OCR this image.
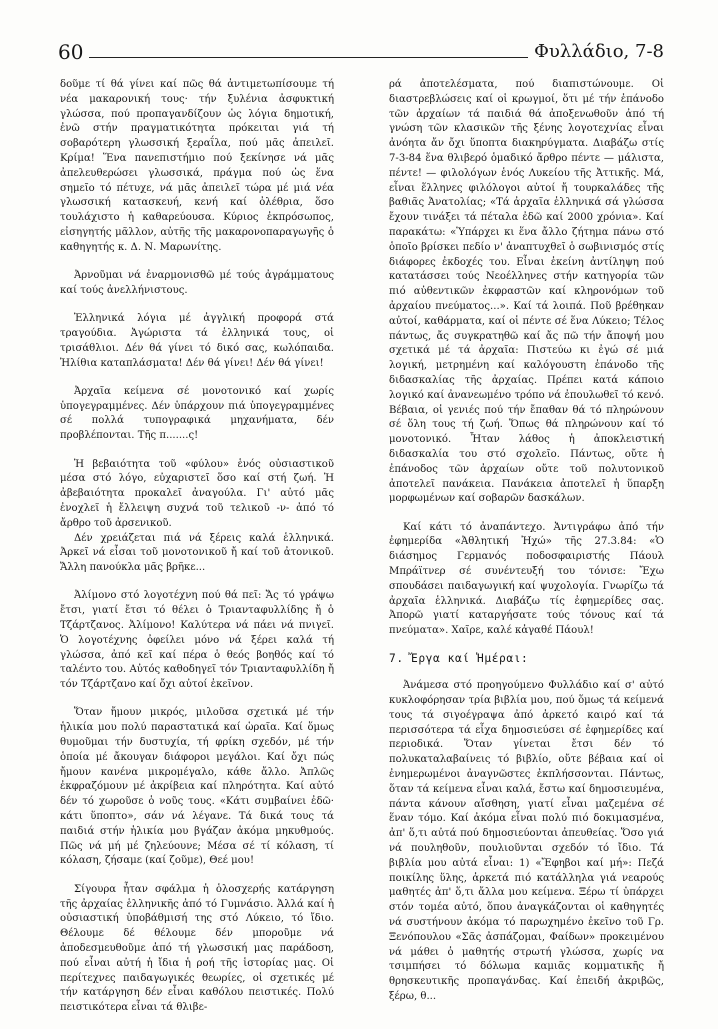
60	Φυλλάδιο, 7-8

δοῦμε τί θά γίνει καί πῶς θά ἀντιμετωπίσουμε τή νέα μακαρονική τους· τήν ξυλένια ἀσφυκτική γλώσσα, πού προπαγανδίζουν ὡς λόγια δημοτική, ἐνῶ στήν πραγματικότητα πρόκειται γιά τή σοβαρότερη γλωσσική ξεραΐλα, πού μᾶς ἀπειλεῖ. Κρίμα! Ἕνα πανεπιστήμιο πού ξεκίνησε νά μᾶς ἀπελευθερώσει γλωσσικά, πράγμα πού ὡς ἕνα σημεῖο τό πέτυχε, νά μᾶς ἀπειλεῖ τώρα μέ μιά νέα γλωσσική κατασκευή, κενή καί ὀλέθρια, ὅσο τουλάχιστο ἡ καθαρεύουσα. Κύριος ἐκπρόσωπος, εἰσηγητής μᾶλλον, αὐτῆς τῆς μακαρονοπαραγωγῆς ὁ καθηγητής κ. Δ. Ν. Μαρωνίτης.

Ἀρνοῦμαι νά ἐναρμονισθῶ μέ τούς ἀγράμματους καί τούς ἀνελλήνιστους.

Ἑλληνικά λόγια μέ ἀγγλική προφορά στά τραγούδια. Ἀγώριστα τά ἑλληνικά τους, οἱ τρισάθλιοι. Δέν θά γίνει τό δικό σας, κωλόπαιδα. Ἠλίθια καταπλάσματα! Δέν θά γίνει! Δέν θά γίνει!

Ἀρχαῖα κείμενα σέ μονοτονικό καί χωρίς ὑπογεγραμμένες. Δέν ὑπάρχουν πιά ὑπογεγραμμένες σέ πολλά τυπογραφικά μηχανήματα, δέν προβλέπονται. Τῆς π.......ς!

Ἡ βεβαιότητα τοῦ «φύλου» ἑνός οὐσιαστικοῦ μέσα στό λόγο, εὐχαριστεῖ ὅσο καί στή ζωή. Ἡ ἀβεβαιότητα προκαλεῖ ἀναγούλα. Γι' αὐτό μᾶς ἐνοχλεῖ ἡ ἔλλειψη συχνά τοῦ τελικοῦ -ν- ἀπό τό ἄρθρο τοῦ ἀρσενικοῦ.

Δέν χρειάζεται πιά νά ξέρεις καλά ἑλληνικά. Ἀρκεῖ νά εἶσαι τοῦ μονοτονικοῦ ἤ καί τοῦ ἀτονικοῦ. Ἄλλη πανούκλα μᾶς βρῆκε...

Ἀλίμονο στό λογοτέχνη πού θά πεῖ: Ἄς τό γράψω ἔτσι, γιατί ἔτσι τό θέλει ὁ Τριανταφυλλίδης ἤ ὁ Τζάρτζανος. Ἀλίμονο! Καλύτερα νά πάει νά πνιγεῖ. Ὁ λογοτέχνης ὀφείλει μόνο νά ξέρει καλά τή γλώσσα, ἀπό κεῖ καί πέρα ὁ θεός βοηθός καί τό ταλέντο του. Αὐτός καθοδηγεῖ τόν Τριανταφυλλίδη ἤ τόν Τζάρτζανο καί ὄχι αὐτοί ἐκεῖνον.

Ὅταν ἤμουν μικρός, μιλοῦσα σχετικά μέ τήν ἡλικία μου πολύ παραστατικά καί ὡραῖα. Καί ὅμως θυμοῦμαι τήν δυστυχία, τή φρίκη σχεδόν, μέ τήν ὁποία μέ ἄκουγαν διάφοροι μεγάλοι. Καί ὄχι πώς ἤμουν κανένα μικρομέγαλο, κάθε ἄλλο. Ἀπλῶς ἐκφραζόμουν μέ ἀκρίβεια καί πληρότητα. Καί αὐτό δέν τό χωροῦσε ὁ νοῦς τους. «Κάτι συμβαίνει ἐδῶ· κάτι ὕποπτο», σάν νά λέγανε. Τά δικά τους τά παιδιά στήν ἡλικία μου βγάζαν ἀκόμα μηκυθμούς. Πῶς νά μή μέ ζηλεύουνε; Μέσα σέ τί κόλαση, τί κόλαση, ζήσαμε (καί ζοῦμε), Θεέ μου!

Σίγουρα ἦταν σφάλμα ἡ ὁλοσχερής κατάργηση τῆς ἀρχαίας ἑλληνικῆς ἀπό τό Γυμνάσιο. Ἀλλά καί ἡ οὐσιαστική ὑποβάθμισή της στό Λύκειο, τό ἴδιο. Θέλουμε δέ θέλουμε δέν μποροῦμε νά ἀποδεσμευθοῦμε ἀπό τή γλωσσική μας παράδοση, πού εἶναι αὐτή ἡ ἴδια ἡ ροή τῆς ἱστορίας μας. Οἱ περίτεχνες παιδαγωγικές θεωρίες, οἱ σχετικές μέ τήν κατάργηση δέν εἶναι καθόλου πειστικές. Πολύ πειστικότερα εἶναι τά θλιβε-

ρά ἀποτελέσματα, πού διαπιστώνουμε. Οἱ διαστρεβλώσεις καί οἱ κρωγμοί, ὅτι μέ τήν ἐπάνοδο τῶν ἀρχαίων τά παιδιά θά ἀποξενωθοῦν ἀπό τή γνώση τῶν κλασικῶν τῆς ξένης λογοτεχνίας εἶναι ἀνόητα ἄν ὄχι ὕποπτα διακηρύγματα. Διαβάζω στίς 7-3-84 ἕνα θλιβερό ὁμαδικό ἄρθρο πέντε — μάλιστα, πέντε! — φιλολόγων ἑνός Λυκείου τῆς Ἀττικῆς. Μά, εἶναι ἕλληνες φιλόλογοι αὐτοί ἤ τουρκαλάδες τῆς βαθιᾶς Ἀνατολίας; «Τά ἀρχαῖα ἑλληνικά σά γλώσσα ἔχουν τινάξει τά πέταλα ἐδῶ καί 2000 χρόνια». Καί παρακάτω: «Ὑπάρχει κι ἕνα ἄλλο ζήτημα πάνω στό ὁποῖο βρίσκει πεδίο ν' ἀναπτυχθεῖ ὁ σωβινισμός στίς διάφορες ἐκδοχές του. Εἶναι ἐκείνη ἀντίληψη πού κατατάσσει τούς Νεοέλληνες στήν κατηγορία τῶν πιό αὐθεντικῶν ἐκφραστῶν καί κληρονόμων τοῦ ἀρχαίου πνεύματος...». Καί τά λοιπά. Ποῦ βρέθηκαν αὐτοί, καθάρματα, καί οἱ πέντε σέ ἕνα Λύκειο; Τέλος πάντως, ἄς συγκρατηθῶ καί ἄς πῶ τήν ἄποψή μου σχετικά μέ τά ἀρχαῖα: Πιστεύω κι ἐγώ σέ μιά λογική, μετρημένη καί καλόγουστη ἐπάνοδο τῆς διδασκαλίας τῆς ἀρχαίας. Πρέπει κατά κάποιο λογικό καί ἀνανεωμένο τρόπο νά ἐπουλωθεῖ τό κενό. Βέβαια, οἱ γενιές πού τήν ἔπαθαν θά τό πληρώνουν σέ ὅλη τους τή ζωή. Ὅπως θά πληρώνουν καί τό μονοτονικό. Ἦταν λάθος ἡ ἀποκλειστική διδασκαλία του στό σχολεῖο. Πάντως, οὔτε ἡ ἐπάνοδος τῶν ἀρχαίων οὔτε τοῦ πολυτονικοῦ ἀποτελεῖ πανάκεια. Πανάκεια ἀποτελεῖ ἡ ὕπαρξη μορφωμένων καί σοβαρῶν δασκάλων.

Καί κάτι τό ἀναπάντεχο. Ἀντιγράφω ἀπό τήν ἐφημερίδα «Ἀθλητική Ἠχώ» τῆς 27.3.84: «Ὁ διάσημος Γερμανός ποδοσφαιριστής Πάουλ Μπράϊτνερ σέ συνέντευξή του τόνισε: Ἔχω σπουδάσει παιδαγωγική καί ψυχολογία. Γνωρίζω τά ἀρχαῖα ἑλληνικά. Διαβάζω τίς ἐφημερίδες σας. Ἀπορῶ γιατί καταργήσατε τούς τόνους καί τά πνεύματα». Χαῖρε, καλέ κἀγαθέ Πάουλ!

7. Ἔργα καί Ἡμέραι:

Ἀνάμεσα στό προηγούμενο Φυλλάδιο καί σ' αὐτό κυκλοφόρησαν τρία βιβλία μου, πού ὅμως τά κείμενά τους τά σιγοέγραψα ἀπό ἀρκετό καιρό καί τά περισσότερα τά εἶχα δημοσιεύσει σέ ἐφημερίδες καί περιοδικά. Ὅταν γίνεται ἔτσι δέν τό πολυκαταλαβαίνεις τό βιβλίο, οὔτε βέβαια καί οἱ ἐνημερωμένοι ἀναγνῶστες ἐκπλήσσονται. Πάντως, ὅταν τά κείμενα εἶναι καλά, ἔστω καί δημοσιευμένα, πάντα κάνουν αἴσθηση, γιατί εἶναι μαζεμένα σέ ἕναν τόμο. Καί ἀκόμα εἶναι πολύ πιό δοκιμασμένα, ἀπ' ὅ,τι αὐτά πού δημοσιεύονται ἀπευθείας. Ὅσο γιά νά πουληθοῦν, πουλιοῦνται σχεδόν τό ἴδιο. Τά βιβλία μου αὐτά εἶναι: 1) «Ἔφηβοι καί μή»: Πεζά ποικίλης ὕλης, ἀρκετά πιό κατάλληλα γιά νεαρούς μαθητές ἀπ' ὅ,τι ἄλλα μου κείμενα. Ξέρω τί ὑπάρχει στόν τομέα αὐτό, ὅπου ἀναγκάζονται οἱ καθηγητές νά συστήνουν ἀκόμα τό παρωχημένο ἐκεῖνο τοῦ Γρ. Ξενόπουλου «Σᾶς ἀσπάζομαι, Φαίδων» προκειμένου νά μάθει ὁ μαθητής στρωτή γλώσσα, χωρίς να τσιμπήσει τό δόλωμα καμιᾶς κομματικῆς ἤ θρησκευτικῆς προπαγάνδας. Καί ἐπειδή ἀκριβῶς, ξέρω, θ...
